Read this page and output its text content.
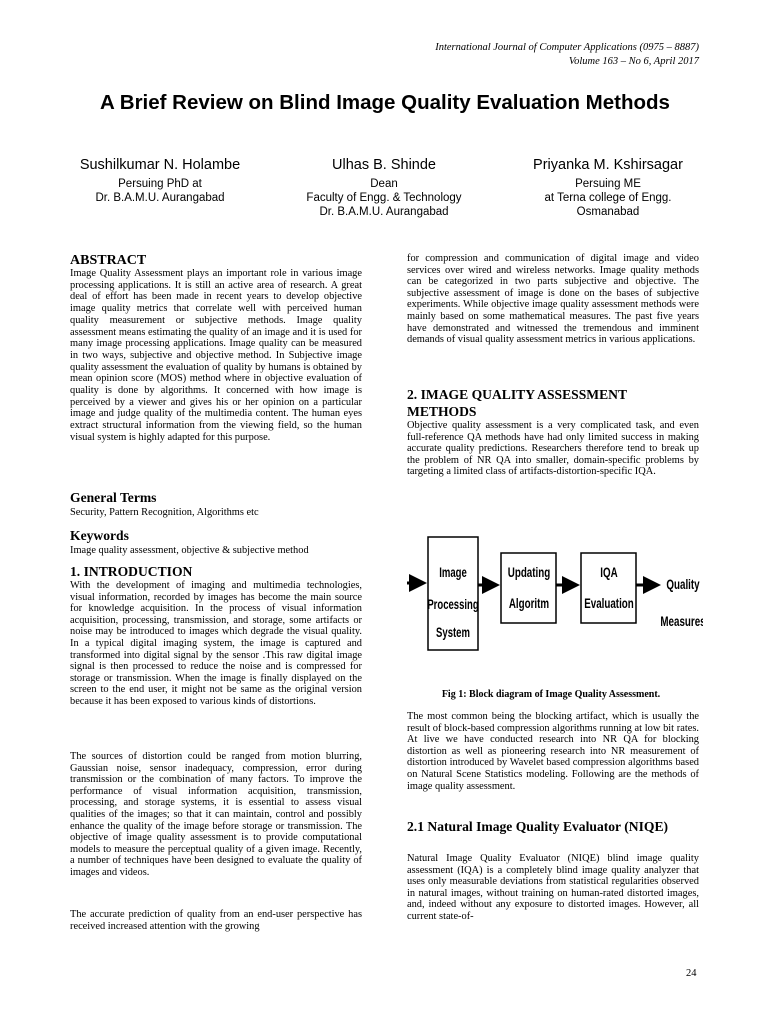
International Journal of Computer Applications (0975 – 8887)
Volume 163 – No 6, April 2017
A Brief Review on Blind Image Quality Evaluation Methods
Sushilkumar N. Holambe
Persuing PhD at
Dr. B.A.M.U. Aurangabad
Ulhas B. Shinde
Dean
Faculty of Engg. & Technology
Dr. B.A.M.U. Aurangabad
Priyanka M. Kshirsagar
Persuing ME
at Terna college of Engg.
Osmanabad
ABSTRACT

Image Quality Assessment plays an important role in various image processing applications. It is still an active area of research. A great deal of effort has been made in recent years to develop objective image quality metrics that correlate well with perceived human quality measurement or subjective methods. Image quality assessment means estimating the quality of an image and it is used for many image processing applications. Image quality can be measured in two ways, subjective and objective method. In Subjective image quality assessment the evaluation of quality by humans is obtained by mean opinion score (MOS) method where in objective evaluation of quality is done by algorithms. It concerned with how image is perceived by a viewer and gives his or her opinion on a particular image and judge quality of the multimedia content. The human eyes extract structural information from the viewing field, so the human visual system is highly adapted for this purpose.

General Terms

Security, Pattern Recognition, Algorithms etc

Keywords

Image quality assessment, objective & subjective method

1. INTRODUCTION

With the development of imaging and multimedia technologies, visual information, recorded by images has become the main source for knowledge acquisition. In the process of visual information acquisition, processing, transmission, and storage, some artifacts or noise may be introduced to images which degrade the visual quality. In a typical digital imaging system, the image is captured and transformed into digital signal by the sensor .This raw digital image signal is then processed to reduce the noise and is compressed for storage or transmission. When the image is finally displayed on the screen to the end user, it might not be same as the original version because it has been exposed to various kinds of distortions.

The sources of distortion could be ranged from motion blurring, Gaussian noise, sensor inadequacy, compression, error during transmission or the combination of many factors. To improve the performance of visual information acquisition, transmission, processing, and storage systems, it is essential to assess visual qualities of the images; so that it can maintain, control and possibly enhance the quality of the image before storage or transmission. The objective of image quality assessment is to provide computational models to measure the perceptual quality of a given image. Recently, a number of techniques have been designed to evaluate the quality of images and videos.

The accurate prediction of quality from an end-user perspective has received increased attention with the growing

for compression and communication of digital image and video services over wired and wireless networks. Image quality methods can be categorized in two parts subjective and objective. The subjective assessment of image is done on the bases of subjective experiments. While objective image quality assessment methods were mainly based on some mathematical measures. The past five years have demonstrated and witnessed the tremendous and imminent demands of visual quality assessment metrics in various applications.

2. IMAGE QUALITY ASSESSMENT METHODS

Objective quality assessment is a very complicated task, and even full-reference QA methods have had only limited success in making accurate quality predictions. Researchers therefore tend to break up the problem of NR QA into smaller, domain-specific problems by targeting a limited class of artifacts-distortion-specific IQA.

Image
Processing
System
Updating
Algoritm
IQA
Evaluation
Quality
Measures
Fig 1: Block diagram of Image Quality Assessment.

The most common being the blocking artifact, which is usually the result of block-based compression algorithms running at low bit rates. At live we have conducted research into NR QA for blocking distortion as well as pioneering research into NR measurement of distortion introduced by Wavelet based compression algorithms based on Natural Scene Statistics modeling. Following are the methods of image quality assessment.

2.1 Natural Image Quality Evaluator (NIQE)

Natural Image Quality Evaluator (NIQE) blind image quality assessment (IQA) is a completely blind image quality analyzer that uses only measurable deviations from statistical regularities observed in natural images, without training on human-rated distorted images, and, indeed without any exposure to distorted images. However, all current state-of-

24
